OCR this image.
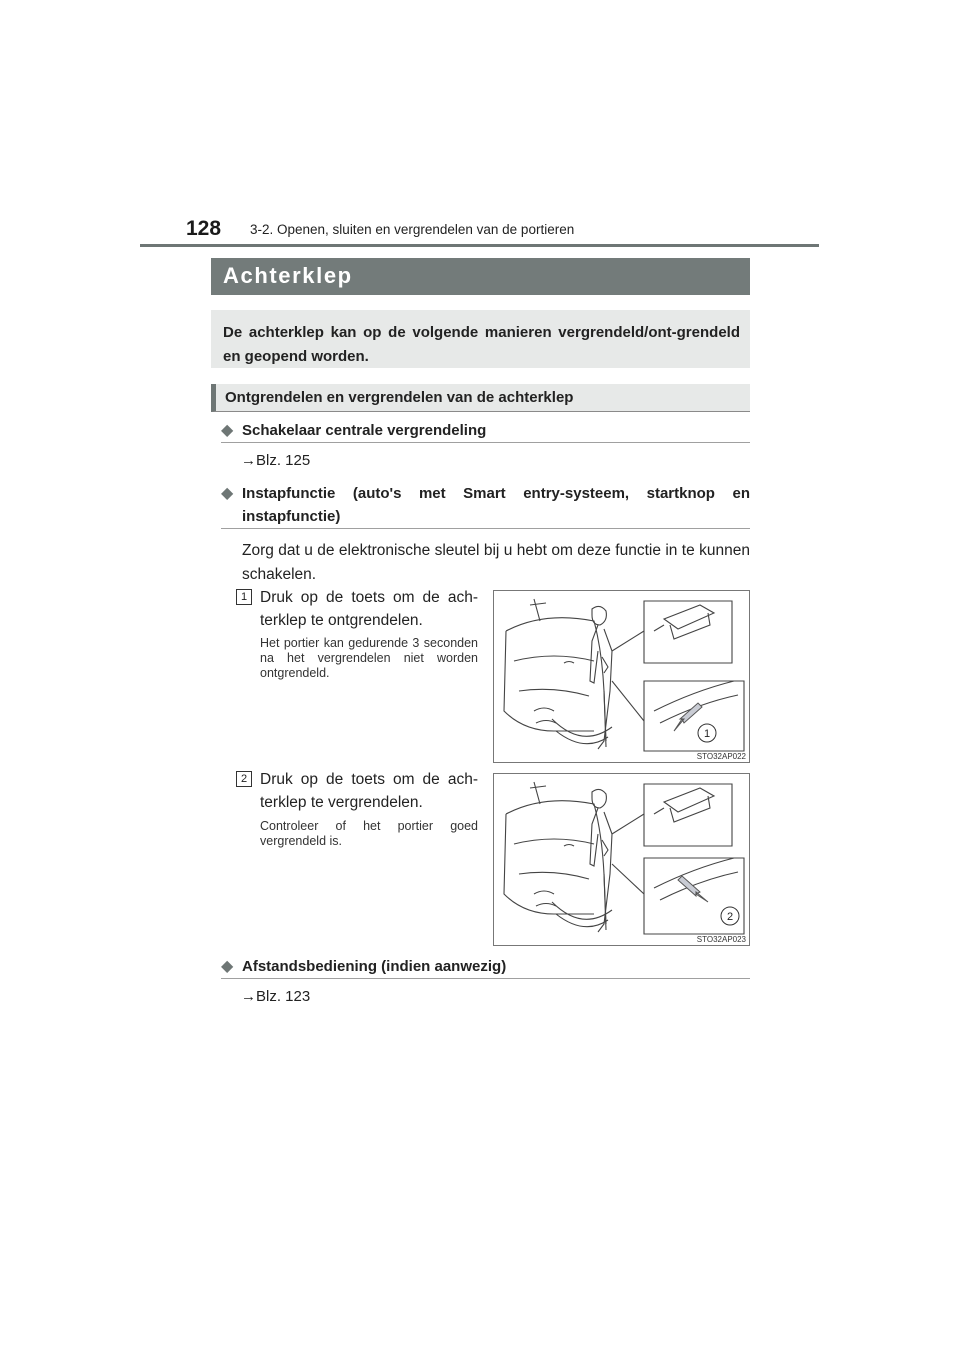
128 3-2. Openen, sluiten en vergrendelen van de portieren
Achterklep
De achterklep kan op de volgende manieren vergrendeld/ont-grendeld en geopend worden.
Ontgrendelen en vergrendelen van de achterklep
◆ Schakelaar centrale vergrendeling
→Blz. 125
◆ Instapfunctie (auto's met Smart entry-systeem, startknop en instapfunctie)
Zorg dat u de elektronische sleutel bij u hebt om deze functie in te kunnen schakelen.
1 Druk op de toets om de ach-terklep te ontgrendelen.
Het portier kan gedurende 3 seconden na het vergrendelen niet worden ontgrendeld.
1
STO32AP022
2 Druk op de toets om de ach-terklep te vergrendelen.
Controleer of het portier goed vergrendeld is.
2
STO32AP023
◆ Afstandsbediening (indien aanwezig)
→Blz. 123
